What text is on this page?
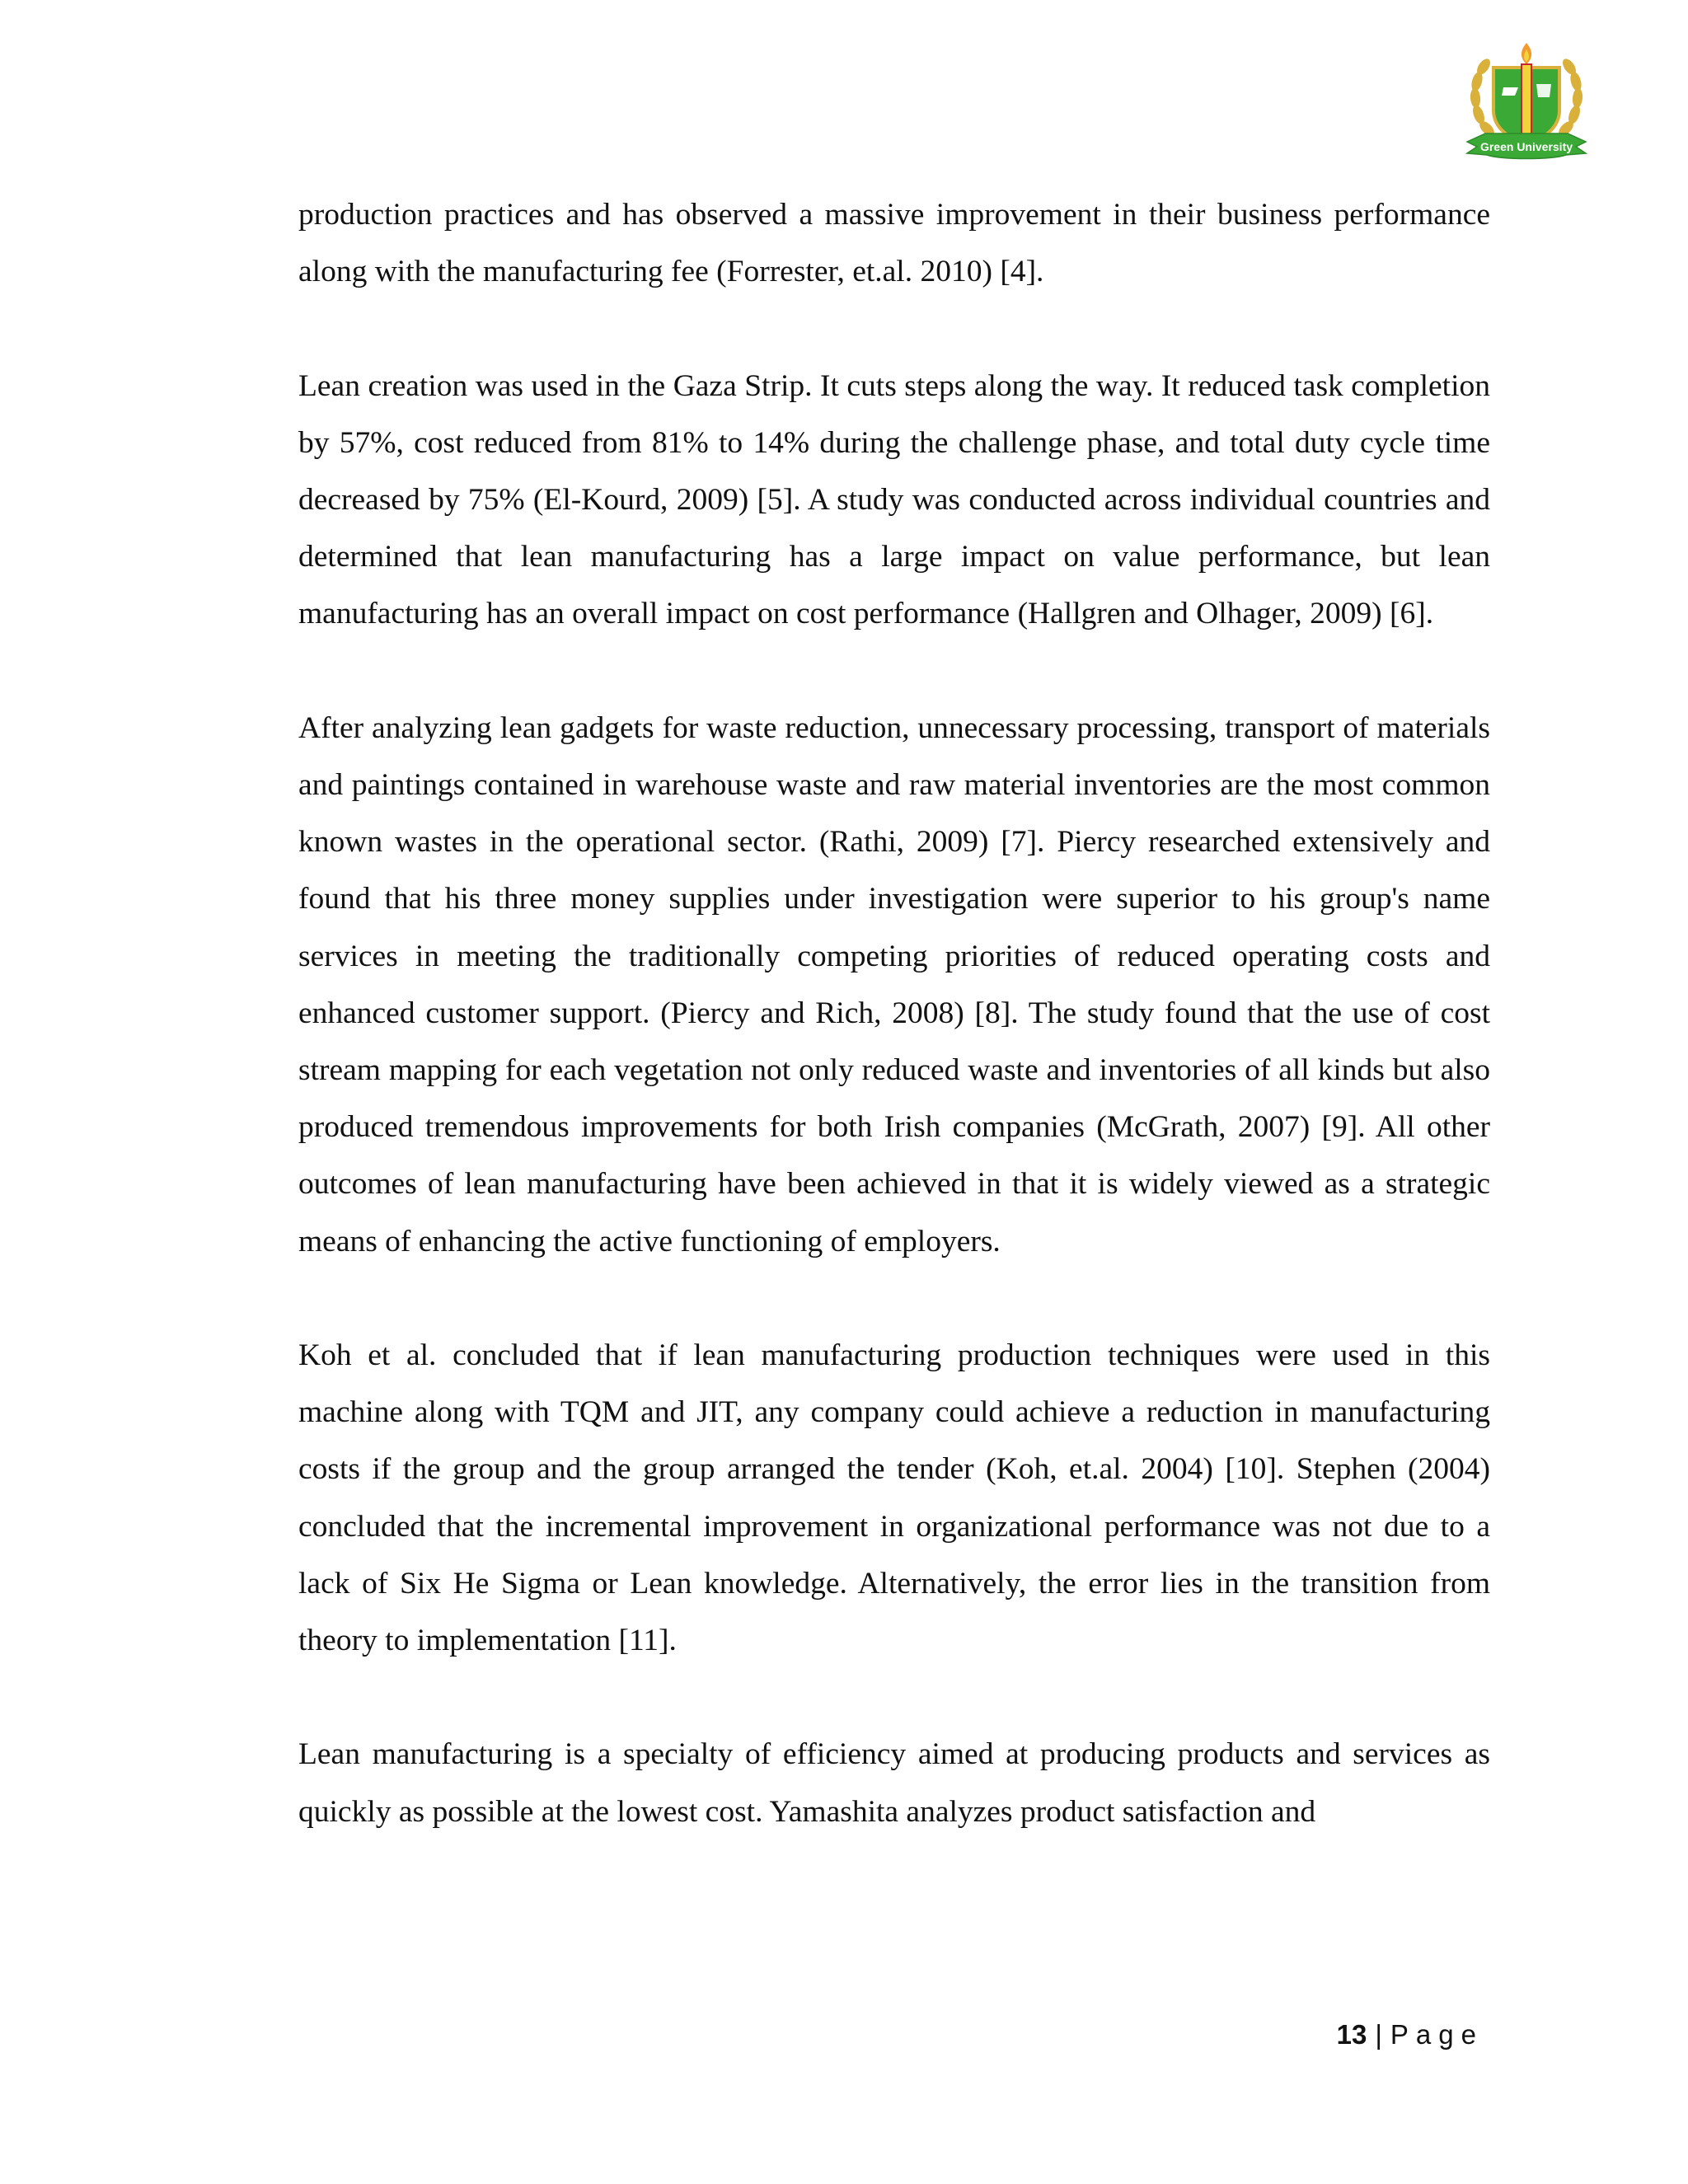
Green University

production practices and has observed a massive improvement in their business performance along with the manufacturing fee (Forrester, et.al. 2010) [4].

Lean creation was used in the Gaza Strip. It cuts steps along the way. It reduced task completion by 57%, cost reduced from 81% to 14% during the challenge phase, and total duty cycle time decreased by 75% (El-Kourd, 2009) [5]. A study was conducted across individual countries and determined that lean manufacturing has a large impact on value performance, but lean manufacturing has an overall impact on cost performance (Hallgren and Olhager, 2009) [6].

After analyzing lean gadgets for waste reduction, unnecessary processing, transport of materials and paintings contained in warehouse waste and raw material inventories are the most common known wastes in the operational sector. (Rathi, 2009) [7]. Piercy researched extensively and found that his three money supplies under investigation were superior to his group's name services in meeting the traditionally competing priorities of reduced operating costs and enhanced customer support. (Piercy and Rich, 2008) [8]. The study found that the use of cost stream mapping for each vegetation not only reduced waste and inventories of all kinds but also produced tremendous improvements for both Irish companies (McGrath, 2007) [9]. All other outcomes of lean manufacturing have been achieved in that it is widely viewed as a strategic means of enhancing the active functioning of employers.

Koh et al. concluded that if lean manufacturing production techniques were used in this machine along with TQM and JIT, any company could achieve a reduction in manufacturing costs if the group and the group arranged the tender (Koh, et.al. 2004) [10]. Stephen (2004) concluded that the incremental improvement in organizational performance was not due to a lack of Six He Sigma or Lean knowledge. Alternatively, the error lies in the transition from theory to implementation [11].

Lean manufacturing is a specialty of efficiency aimed at producing products and services as quickly as possible at the lowest cost. Yamashita analyzes product satisfaction and

13 | Page
